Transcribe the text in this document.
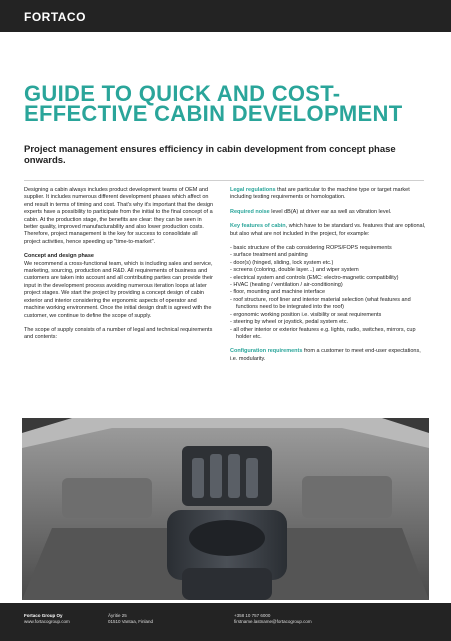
FORTACO
GUIDE TO QUICK AND COST-
EFFECTIVE CABIN DEVELOPMENT
Project management ensures efficiency in cabin development from concept phase onwards.

Designing a cabin always includes product development teams of OEM and supplier. It includes numerous different development phases which affect on end result in terms of timing and cost. That's why it's important that the design experts have a possibility to participate from the initial to the final concept of a cabin. At the production stage, the benefits are clear: they can be seen in better quality, improved manufacturability and also lower production costs. Therefore, project management is the key for success to consolidate all project activities, hence speeding up "time-to-market".

Concept and design phase

We recommend a cross-functional team, which is including sales and service, marketing, sourcing, production and R&D. All requirements of business and customers are taken into account and all contributing parties can provide their input in the development process avoiding numerous iteration loops at later project stages. We start the project by providing a concept design of cabin exterior and interior considering the ergonomic aspects of operator and machine working environment. Once the initial design draft is agreed with the customer, we continue to define the scope of supply.

The scope of supply consists of a number of legal and technical requirements and contents:

Legal regulations that are particular to the machine type or target market including testing requirements or homologation.

Required noise level dB(A) at driver ear as well as vibration level.

Key features of cabin, which have to be standard vs. features that are optional, but also what are not included in the project, for example:

- basic structure of the cab considering ROPS/FOPS requirements
- surface treatment and painting
- door(s) (hinged, sliding, lock system etc.)
- screens (coloring, double layer...) and wiper system
- electrical system and controls (EMC: electro-magnetic compatibility)
- HVAC (heating / ventilation / air-conditioning)
- floor, mounting and machine interface
- roof structure, roof liner and interior material selection (what features and functions need to be integrated into the roof)
- ergonomic working position i.e. visibility or seat requirements
- steering by wheel or joystick, pedal system etc.
- all other interior or exterior features e.g. lights, radio, switches, mirrors, cup holder etc.

Configuration requirements from a customer to meet end-user expectations, i.e. modularity.

Fortaco Group Oy
www.fortacogroup.com
Äyritie 25
01510 Vantaa, Finland
+358 10 757 6000
firstname.lastname@fortacogroup.com
